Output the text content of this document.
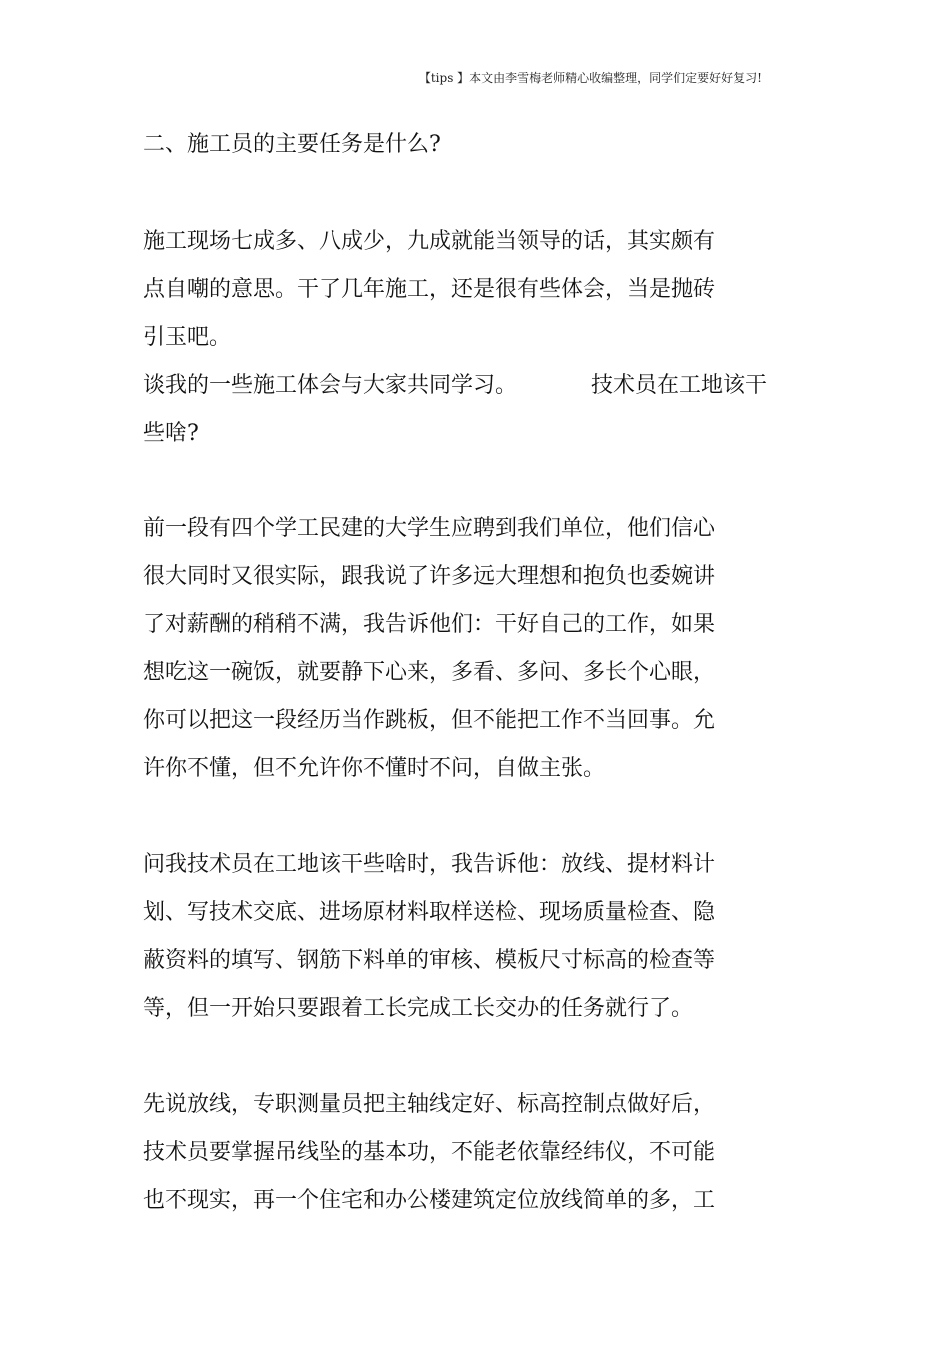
【tips 】本文由李雪梅老师精心收编整理，同学们定要好好复习!
二、施工员的主要任务是什么?
施工现场七成多、八成少，九成就能当领导的话，其实颇有
点自嘲的意思。干了几年施工，还是很有些体会，当是抛砖
引玉吧。
谈我的一些施工体会与大家共同学习。	技术员在工地该干
些啥?
前一段有四个学工民建的大学生应聘到我们单位，他们信心
很大同时又很实际，跟我说了许多远大理想和抱负也委婉讲
了对薪酬的稍稍不满，我告诉他们：干好自己的工作，如果
想吃这一碗饭，就要静下心来，多看、多问、多长个心眼，
你可以把这一段经历当作跳板，但不能把工作不当回事。允
许你不懂，但不允许你不懂时不问，自做主张。
问我技术员在工地该干些啥时，我告诉他：放线、提材料计
划、写技术交底、进场原材料取样送检、现场质量检查、隐
蔽资料的填写、钢筋下料单的审核、模板尺寸标高的检查等
等，但一开始只要跟着工长完成工长交办的任务就行了。
先说放线，专职测量员把主轴线定好、标高控制点做好后，
技术员要掌握吊线坠的基本功，不能老依靠经纬仪，不可能
也不现实，再一个住宅和办公楼建筑定位放线简单的多，工
